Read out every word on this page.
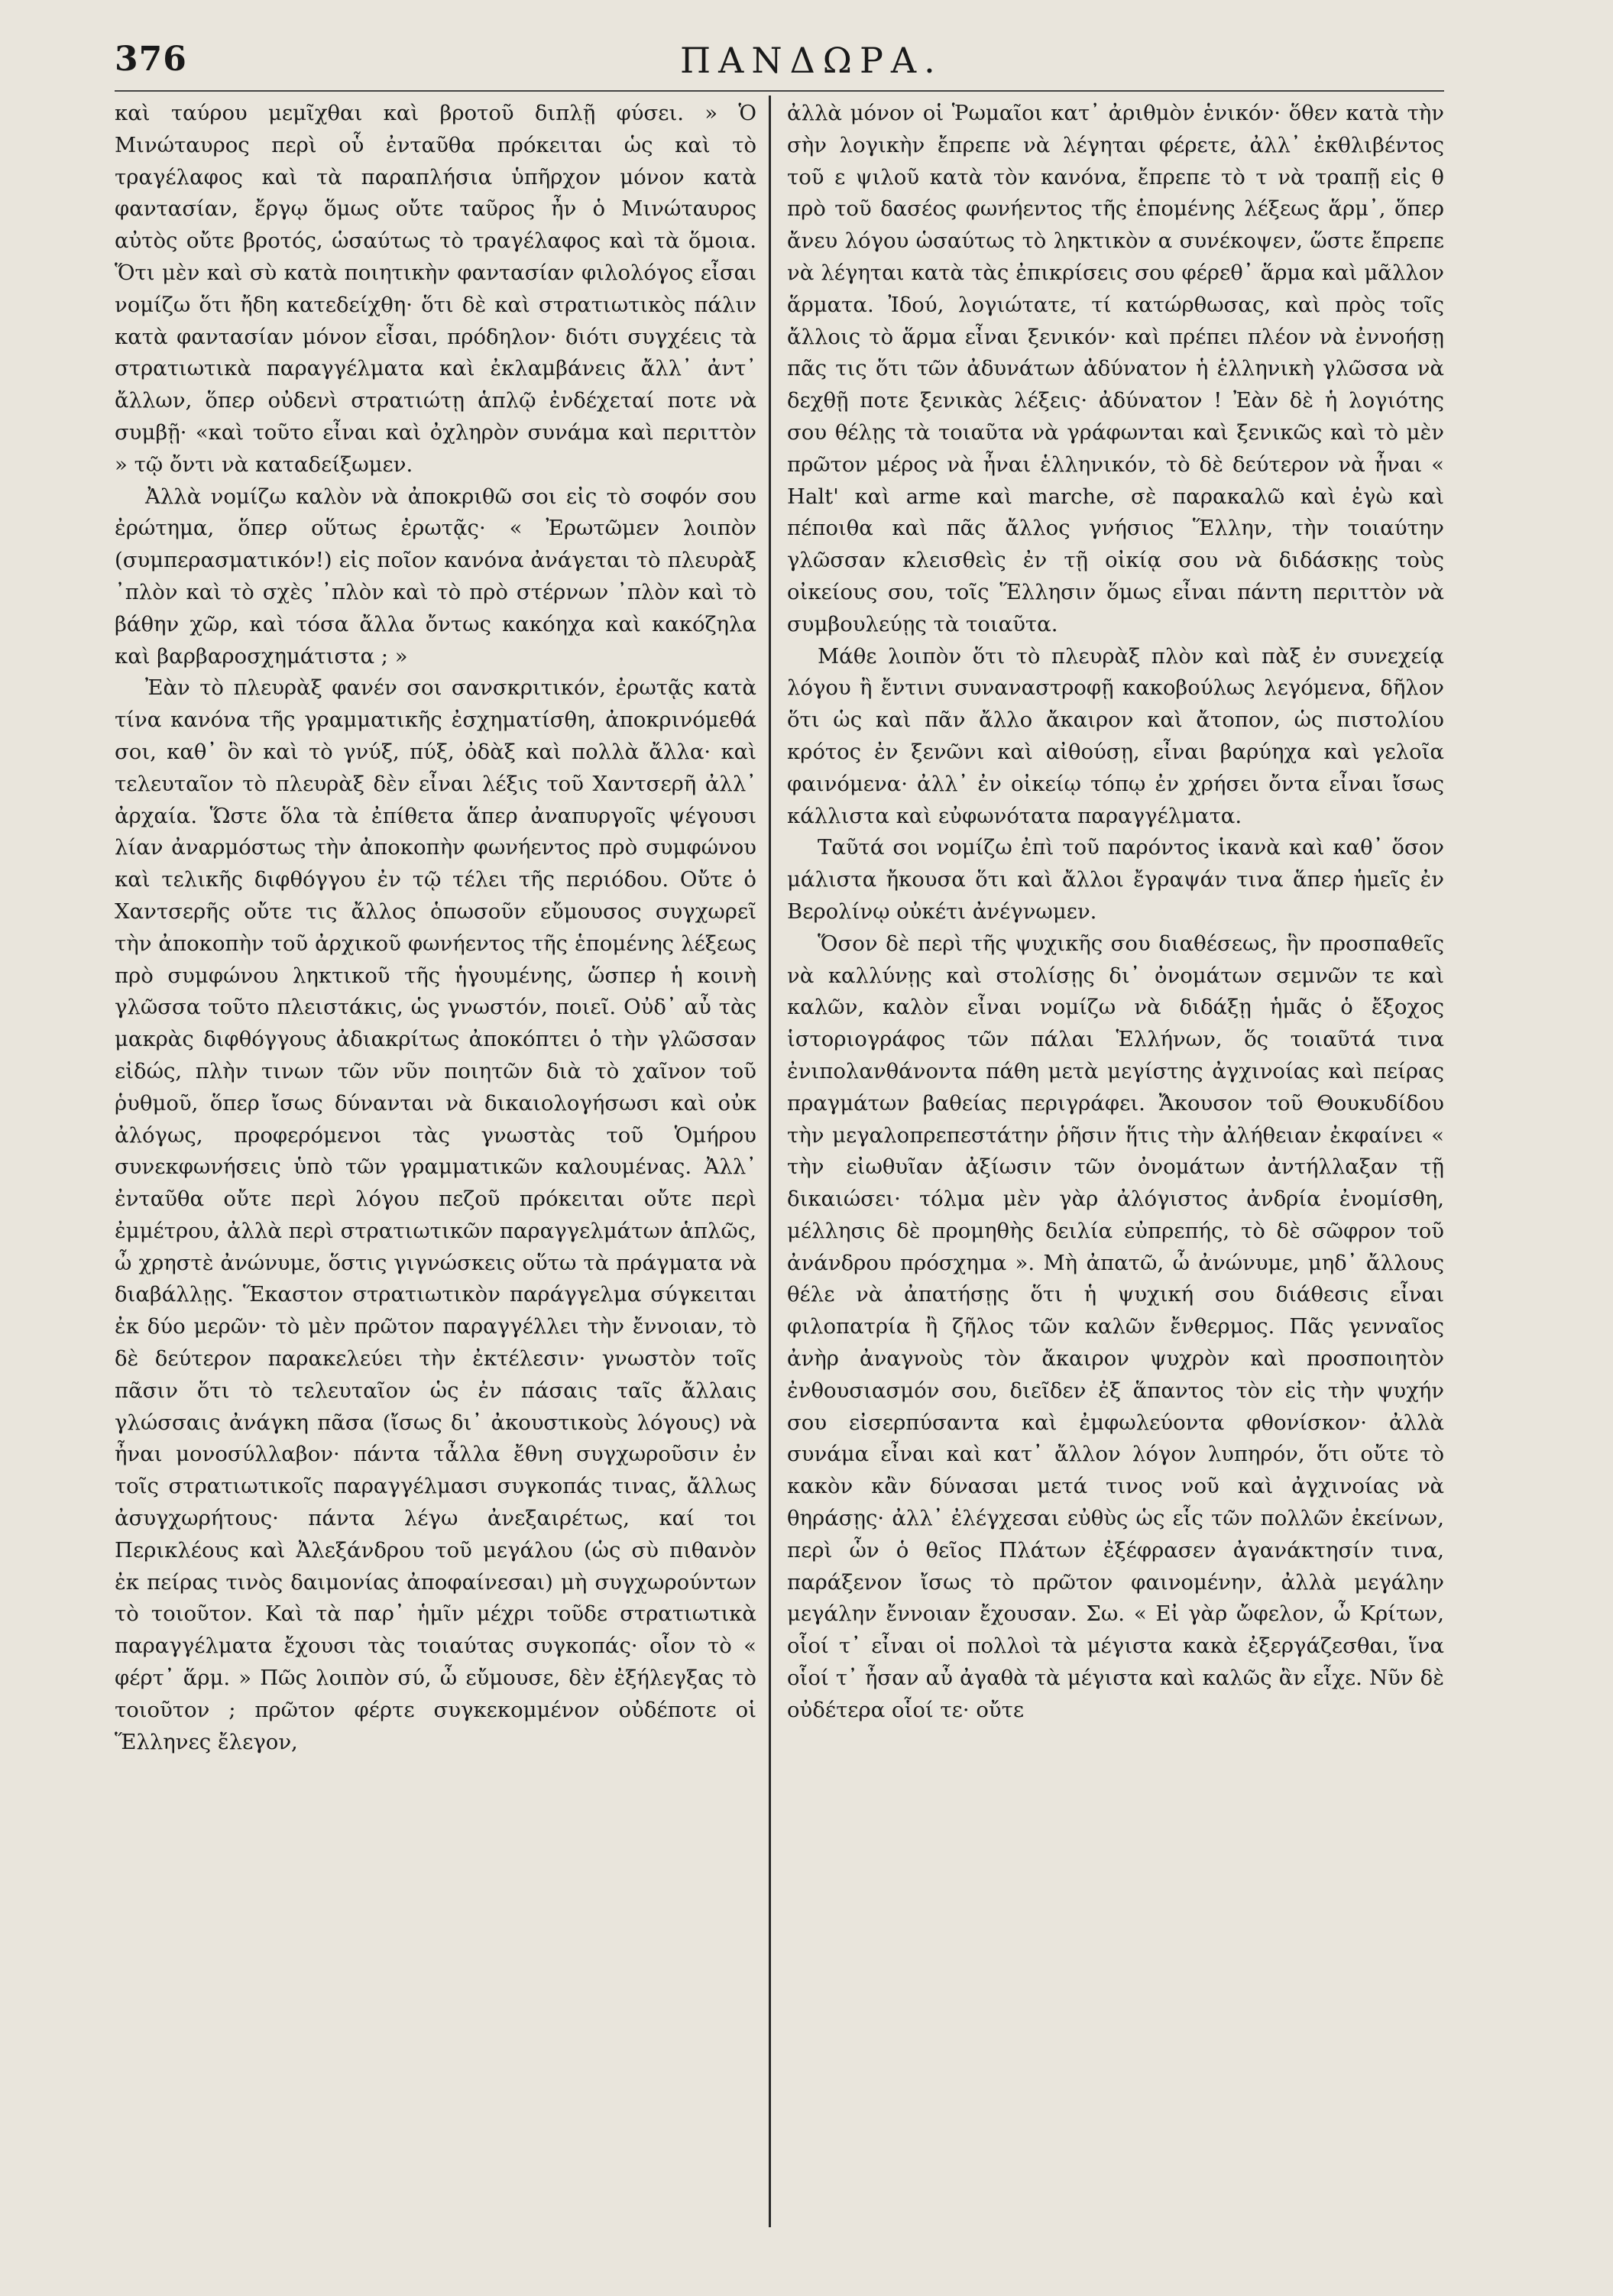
376	ΠΑΝΔΩΡΑ.

καὶ ταύρου μεμῖχθαι καὶ βροτοῦ διπλῇ φύσει. » Ὁ Μινώταυρος περὶ οὗ ἐνταῦθα πρόκειται ὡς καὶ τὸ τραγέλαφος καὶ τὰ παραπλήσια ὑπῆρχον μόνον κατὰ φαντασίαν, ἔργῳ ὅμως οὔτε ταῦρος ἦν ὁ Μινώταυρος αὐτὸς οὔτε βροτός, ὡσαύτως τὸ τραγέλαφος καὶ τὰ ὅμοια. Ὅτι μὲν καὶ σὺ κατὰ ποιητικὴν φαντασίαν φιλολόγος εἶσαι νομίζω ὅτι ἤδη κατεδείχθη· ὅτι δὲ καὶ στρατιωτικὸς πάλιν κατὰ φαντασίαν μόνον εἶσαι, πρόδηλον· διότι συγχέεις τὰ στρατιωτικὰ παραγγέλματα καὶ ἐκλαμβάνεις ἄλλ᾿ ἀντ᾿ ἄλλων, ὅπερ οὐδενὶ στρατιώτῃ ἁπλῷ ἐνδέχεταί ποτε νὰ συμβῇ· «καὶ τοῦτο εἶναι καὶ ὀχληρὸν συνάμα καὶ περιττὸν » τῷ ὄντι νὰ καταδείξωμεν.

Ἀλλὰ νομίζω καλὸν νὰ ἀποκριθῶ σοι εἰς τὸ σοφόν σου ἐρώτημα, ὅπερ οὕτως ἐρωτᾷς· « Ἐρωτῶμεν λοιπὸν (συμπερασματικόν!) εἰς ποῖον κανόνα ἀνάγεται τὸ πλευρὰξ ᾿πλὸν καὶ τὸ σχὲς ᾿πλὸν καὶ τὸ πρὸ στέρνων ᾿πλὸν καὶ τὸ βάθην χῶρ, καὶ τόσα ἄλλα ὄντως κακόηχα καὶ κακόζηλα καὶ βαρβαροσχημάτιστα ; »

Ἐὰν τὸ πλευρὰξ φανέν σοι σανσκριτικόν, ἐρωτᾷς κατὰ τίνα κανόνα τῆς γραμματικῆς ἐσχηματίσθη, ἀποκρινόμεθά σοι, καθ᾿ ὃν καὶ τὸ γνύξ, πύξ, ὀδὰξ καὶ πολλὰ ἄλλα· καὶ τελευταῖον τὸ πλευρὰξ δὲν εἶναι λέξις τοῦ Χαντσερῆ ἀλλ᾿ ἀρχαία. Ὥστε ὅλα τὰ ἐπίθετα ἅπερ ἀναπυργοῖς ψέγουσι λίαν ἀναρμόστως τὴν ἀποκοπὴν φωνήεντος πρὸ συμφώνου καὶ τελικῆς διφθόγγου ἐν τῷ τέλει τῆς περιόδου. Οὔτε ὁ Χαντσερῆς οὔτε τις ἄλλος ὁπωσοῦν εὔμουσος συγχωρεῖ τὴν ἀποκοπὴν τοῦ ἀρχικοῦ φωνήεντος τῆς ἑπομένης λέξεως πρὸ συμφώνου ληκτικοῦ τῆς ἡγουμένης, ὥσπερ ἡ κοινὴ γλῶσσα τοῦτο πλειστάκις, ὡς γνωστόν, ποιεῖ. Οὐδ᾿ αὖ τὰς μακρὰς διφθόγγους ἀδιακρίτως ἀποκόπτει ὁ τὴν γλῶσσαν εἰδώς, πλὴν τινων τῶν νῦν ποιητῶν διὰ τὸ χαῖνον τοῦ ῥυθμοῦ, ὅπερ ἴσως δύνανται νὰ δικαιολογήσωσι καὶ οὐκ ἀλόγως, προφερόμενοι τὰς γνωστὰς τοῦ Ὁμήρου συνεκφωνήσεις ὑπὸ τῶν γραμματικῶν καλουμένας. Ἀλλ᾿ ἐνταῦθα οὔτε περὶ λόγου πεζοῦ πρόκειται οὔτε περὶ ἐμμέτρου, ἀλλὰ περὶ στρατιωτικῶν παραγγελμάτων ἁπλῶς, ὦ χρηστὲ ἀνώνυμε, ὅστις γιγνώσκεις οὕτω τὰ πράγματα νὰ διαβάλλῃς. Ἕκαστον στρατιωτικὸν παράγγελμα σύγκειται ἐκ δύο μερῶν· τὸ μὲν πρῶτον παραγγέλλει τὴν ἔννοιαν, τὸ δὲ δεύτερον παρακελεύει τὴν ἐκτέλεσιν· γνωστὸν τοῖς πᾶσιν ὅτι τὸ τελευταῖον ὡς ἐν πάσαις ταῖς ἄλλαις γλώσσαις ἀνάγκη πᾶσα (ἴσως δι᾿ ἀκουστικοὺς λόγους) νὰ ἦναι μονοσύλλαβον· πάντα τἆλλα ἔθνη συγχωροῦσιν ἐν τοῖς στρατιωτικοῖς παραγγέλμασι συγκοπάς τινας, ἄλλως ἀσυγχωρήτους· πάντα λέγω ἀνεξαιρέτως, καί τοι Περικλέους καὶ Ἀλεξάνδρου τοῦ μεγάλου (ὡς σὺ πιθανὸν ἐκ πείρας τινὸς δαιμονίας ἀποφαίνεσαι) μὴ συγχωρούντων τὸ τοιοῦτον. Καὶ τὰ παρ᾿ ἡμῖν μέχρι τοῦδε στρατιωτικὰ παραγγέλματα ἔχουσι τὰς τοιαύτας συγκοπάς· οἷον τὸ « φέρτ᾿ ἅρμ. » Πῶς λοιπὸν σύ, ὦ εὔμουσε, δὲν ἐξήλεγξας τὸ τοιοῦτον ; πρῶτον φέρτε συγκεκομμένον οὐδέποτε οἱ Ἕλληνες ἔλεγον,

ἀλλὰ μόνον οἱ Ῥωμαῖοι κατ᾿ ἀριθμὸν ἑνικόν· ὅθεν κατὰ τὴν σὴν λογικὴν ἔπρεπε νὰ λέγηται φέρετε, ἀλλ᾿ ἐκθλιβέντος τοῦ ε ψιλοῦ κατὰ τὸν κανόνα, ἔπρεπε τὸ τ νὰ τραπῇ εἰς θ πρὸ τοῦ δασέος φωνήεντος τῆς ἑπομένης λέξεως ἅρμ᾿, ὅπερ ἄνευ λόγου ὡσαύτως τὸ ληκτικὸν α συνέκοψεν, ὥστε ἔπρεπε νὰ λέγηται κατὰ τὰς ἐπικρίσεις σου φέρεθ᾿ ἅρμα καὶ μᾶλλον ἅρματα. Ἰδού, λογιώτατε, τί κατώρθωσας, καὶ πρὸς τοῖς ἄλλοις τὸ ἅρμα εἶναι ξενικόν· καὶ πρέπει πλέον νὰ ἐννοήσῃ πᾶς τις ὅτι τῶν ἀδυνάτων ἀδύνατον ἡ ἑλληνικὴ γλῶσσα νὰ δεχθῇ ποτε ξενικὰς λέξεις· ἀδύνατον ! Ἐὰν δὲ ἡ λογιότης σου θέλῃς τὰ τοιαῦτα νὰ γράφωνται καὶ ξενικῶς καὶ τὸ μὲν πρῶτον μέρος νὰ ἦναι ἑλληνικόν, τὸ δὲ δεύτερον νὰ ἦναι « Halt' καὶ arme καὶ marche, σὲ παρακαλῶ καὶ ἐγὼ καὶ πέποιθα καὶ πᾶς ἄλλος γνήσιος Ἕλλην, τὴν τοιαύτην γλῶσσαν κλεισθεὶς ἐν τῇ οἰκίᾳ σου νὰ διδάσκῃς τοὺς οἰκείους σου, τοῖς Ἕλλησιν ὅμως εἶναι πάντη περιττὸν νὰ συμβουλεύῃς τὰ τοιαῦτα.

Μάθε λοιπὸν ὅτι τὸ πλευρὰξ πλὸν καὶ πὰξ ἐν συνεχείᾳ λόγου ἢ ἔντινι συναναστροφῇ κακοβούλως λεγόμενα, δῆλον ὅτι ὡς καὶ πᾶν ἄλλο ἄκαιρον καὶ ἄτοπον, ὡς πιστολίου κρότος ἐν ξενῶνι καὶ αἰθούσῃ, εἶναι βαρύηχα καὶ γελοῖα φαινόμενα· ἀλλ᾿ ἐν οἰκείῳ τόπῳ ἐν χρήσει ὄντα εἶναι ἴσως κάλλιστα καὶ εὐφωνότατα παραγγέλματα.

Ταῦτά σοι νομίζω ἐπὶ τοῦ παρόντος ἱκανὰ καὶ καθ᾿ ὅσον μάλιστα ἤκουσα ὅτι καὶ ἄλλοι ἔγραψάν τινα ἅπερ ἡμεῖς ἐν Βερολίνῳ οὐκέτι ἀνέγνωμεν.

Ὅσον δὲ περὶ τῆς ψυχικῆς σου διαθέσεως, ἣν προσπαθεῖς νὰ καλλύνῃς καὶ στολίσῃς δι᾿ ὀνομάτων σεμνῶν τε καὶ καλῶν, καλὸν εἶναι νομίζω νὰ διδάξῃ ἡμᾶς ὁ ἔξοχος ἱστοριογράφος τῶν πάλαι Ἑλλήνων, ὅς τοιαῦτά τινα ἐνιπολανθάνοντα πάθη μετὰ μεγίστης ἀγχινοίας καὶ πείρας πραγμάτων βαθείας περιγράφει. Ἄκουσον τοῦ Θουκυδίδου τὴν μεγαλοπρεπεστάτην ῥῆσιν ἥτις τὴν ἀλήθειαν ἐκφαίνει « τὴν εἰωθυῖαν ἀξίωσιν τῶν ὀνομάτων ἀντήλλαξαν τῇ δικαιώσει· τόλμα μὲν γὰρ ἀλόγιστος ἀνδρία ἐνομίσθη, μέλλησις δὲ προμηθὴς δειλία εὐπρεπής, τὸ δὲ σῶφρον τοῦ ἀνάνδρου πρόσχημα ». Μὴ ἀπατῶ, ὦ ἀνώνυμε, μηδ᾿ ἄλλους θέλε νὰ ἀπατήσῃς ὅτι ἡ ψυχική σου διάθεσις εἶναι φιλοπατρία ἢ ζῆλος τῶν καλῶν ἔνθερμος. Πᾶς γενναῖος ἀνὴρ ἀναγνοὺς τὸν ἄκαιρον ψυχρὸν καὶ προσποιητὸν ἐνθουσιασμόν σου, διεῖδεν ἐξ ἅπαντος τὸν εἰς τὴν ψυχήν σου εἰσερπύσαντα καὶ ἐμφωλεύοντα φθονίσκον· ἀλλὰ συνάμα εἶναι καὶ κατ᾿ ἄλλον λόγον λυπηρόν, ὅτι οὔτε τὸ κακὸν κἂν δύνασαι μετά τινος νοῦ καὶ ἀγχινοίας νὰ θηράσῃς· ἀλλ᾿ ἐλέγχεσαι εὐθὺς ὡς εἷς τῶν πολλῶν ἐκείνων, περὶ ὧν ὁ θεῖος Πλάτων ἐξέφρασεν ἀγανάκτησίν τινα, παράξενον ἴσως τὸ πρῶτον φαινομένην, ἀλλὰ μεγάλην μεγάλην ἔννοιαν ἔχουσαν. Σω. « Εἰ γὰρ ὤφελον, ὦ Κρίτων, οἷοί τ᾿ εἶναι οἱ πολλοὶ τὰ μέγιστα κακὰ ἐξεργάζεσθαι, ἵνα οἷοί τ᾿ ἦσαν αὖ ἀγαθὰ τὰ μέγιστα καὶ καλῶς ἂν εἶχε. Νῦν δὲ οὐδέτερα οἷοί τε· οὔτε
